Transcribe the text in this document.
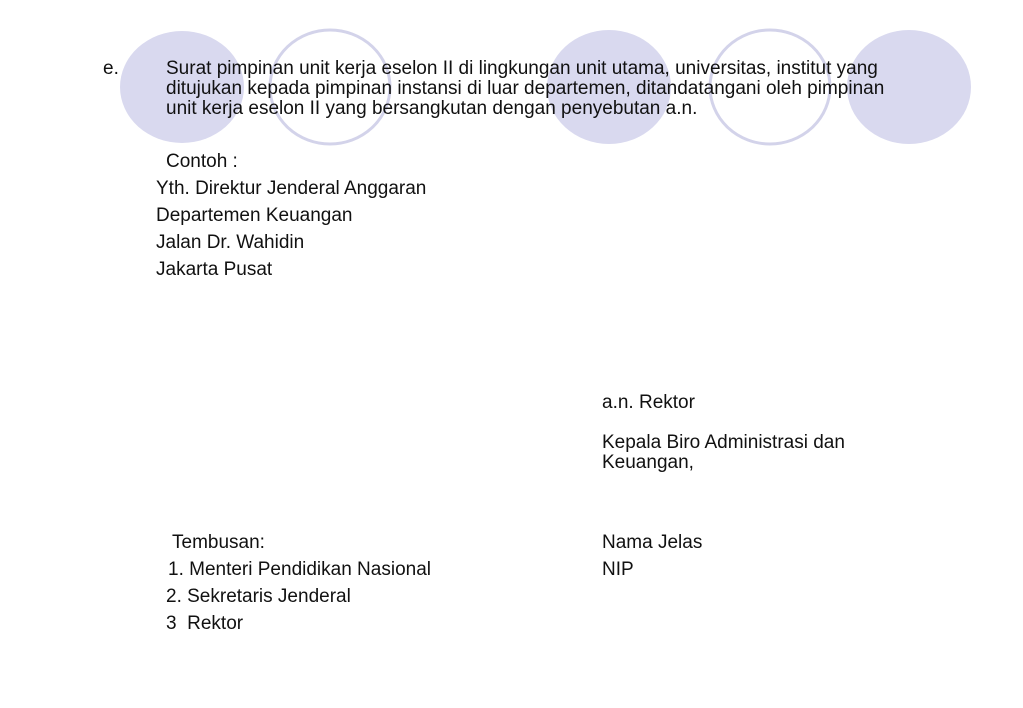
e. Surat pimpinan unit kerja eselon II di lingkungan unit utama, universitas, institut yang
ditujukan kepada pimpinan instansi di luar departemen, ditandatangani oleh pimpinan
unit kerja eselon II yang bersangkutan dengan penyebutan a.n.
Contoh :
Yth. Direktur Jenderal Anggaran
Departemen Keuangan
Jalan Dr. Wahidin
Jakarta Pusat
a.n. Rektor
Kepala Biro Administrasi dan
Keuangan,
Nama Jelas
NIP
Tembusan:
1. Menteri Pendidikan Nasional
2. Sekretaris Jenderal
3  Rektor
